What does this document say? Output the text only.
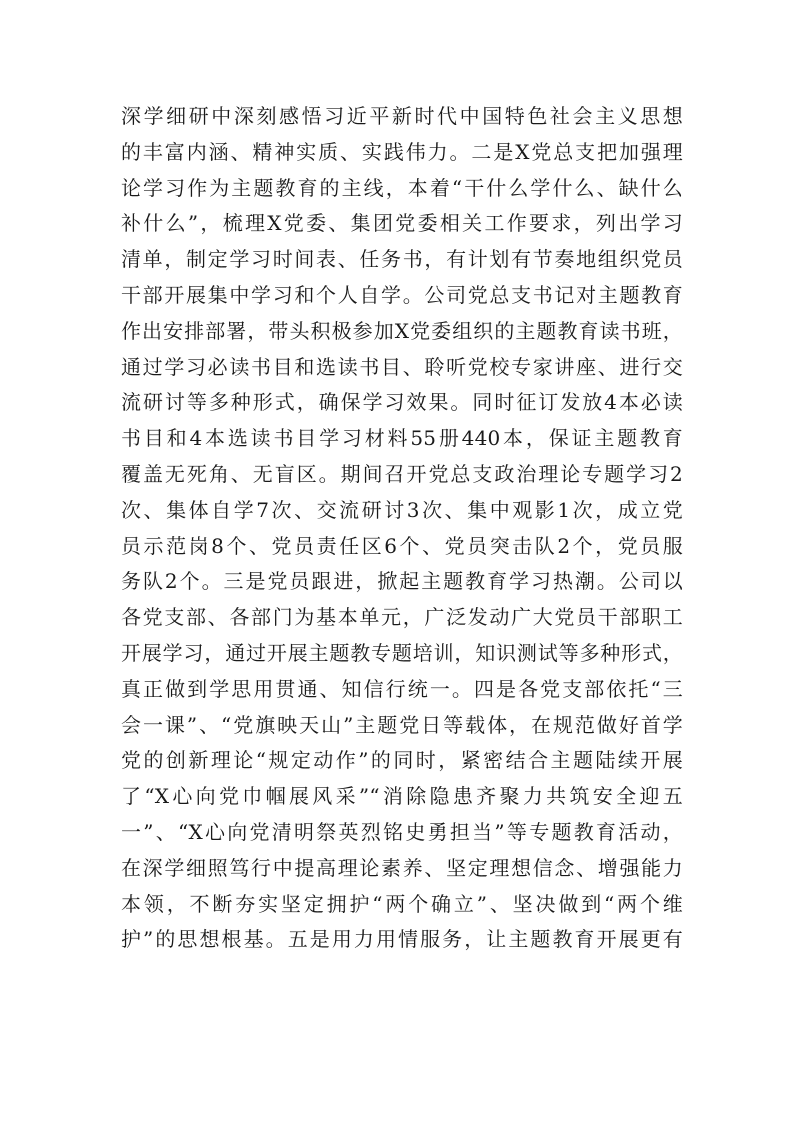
深学细研中深刻感悟习近平新时代中国特色社会主义思想
的丰富内涵、精神实质、实践伟力。二是X党总支把加强理
论学习作为主题教育的主线，本着“干什么学什么、缺什么
补什么”，梳理X党委、集团党委相关工作要求，列出学习
清单，制定学习时间表、任务书，有计划有节奏地组织党员
干部开展集中学习和个人自学。公司党总支书记对主题教育
作出安排部署，带头积极参加X党委组织的主题教育读书班，
通过学习必读书目和选读书目、聆听党校专家讲座、进行交
流研讨等多种形式，确保学习效果。同时征订发放4本必读
书目和4本选读书目学习材料55册440本，保证主题教育
覆盖无死角、无盲区。期间召开党总支政治理论专题学习2
次、集体自学7次、交流研讨3次、集中观影1次，成立党
员示范岗8个、党员责任区6个、党员突击队2个，党员服
务队2个。三是党员跟进，掀起主题教育学习热潮。公司以
各党支部、各部门为基本单元，广泛发动广大党员干部职工
开展学习，通过开展主题教专题培训，知识测试等多种形式，
真正做到学思用贯通、知信行统一。四是各党支部依托“三
会一课”、“党旗映天山”主题党日等载体，在规范做好首学
党的创新理论“规定动作”的同时，紧密结合主题陆续开展
了“X心向党巾帼展风采”“消除隐患齐聚力共筑安全迎五
一”、“X心向党清明祭英烈铭史勇担当”等专题教育活动，
在深学细照笃行中提高理论素养、坚定理想信念、增强能力
本领，不断夯实坚定拥护“两个确立”、坚决做到“两个维
护”的思想根基。五是用力用情服务，让主题教育开展更有
